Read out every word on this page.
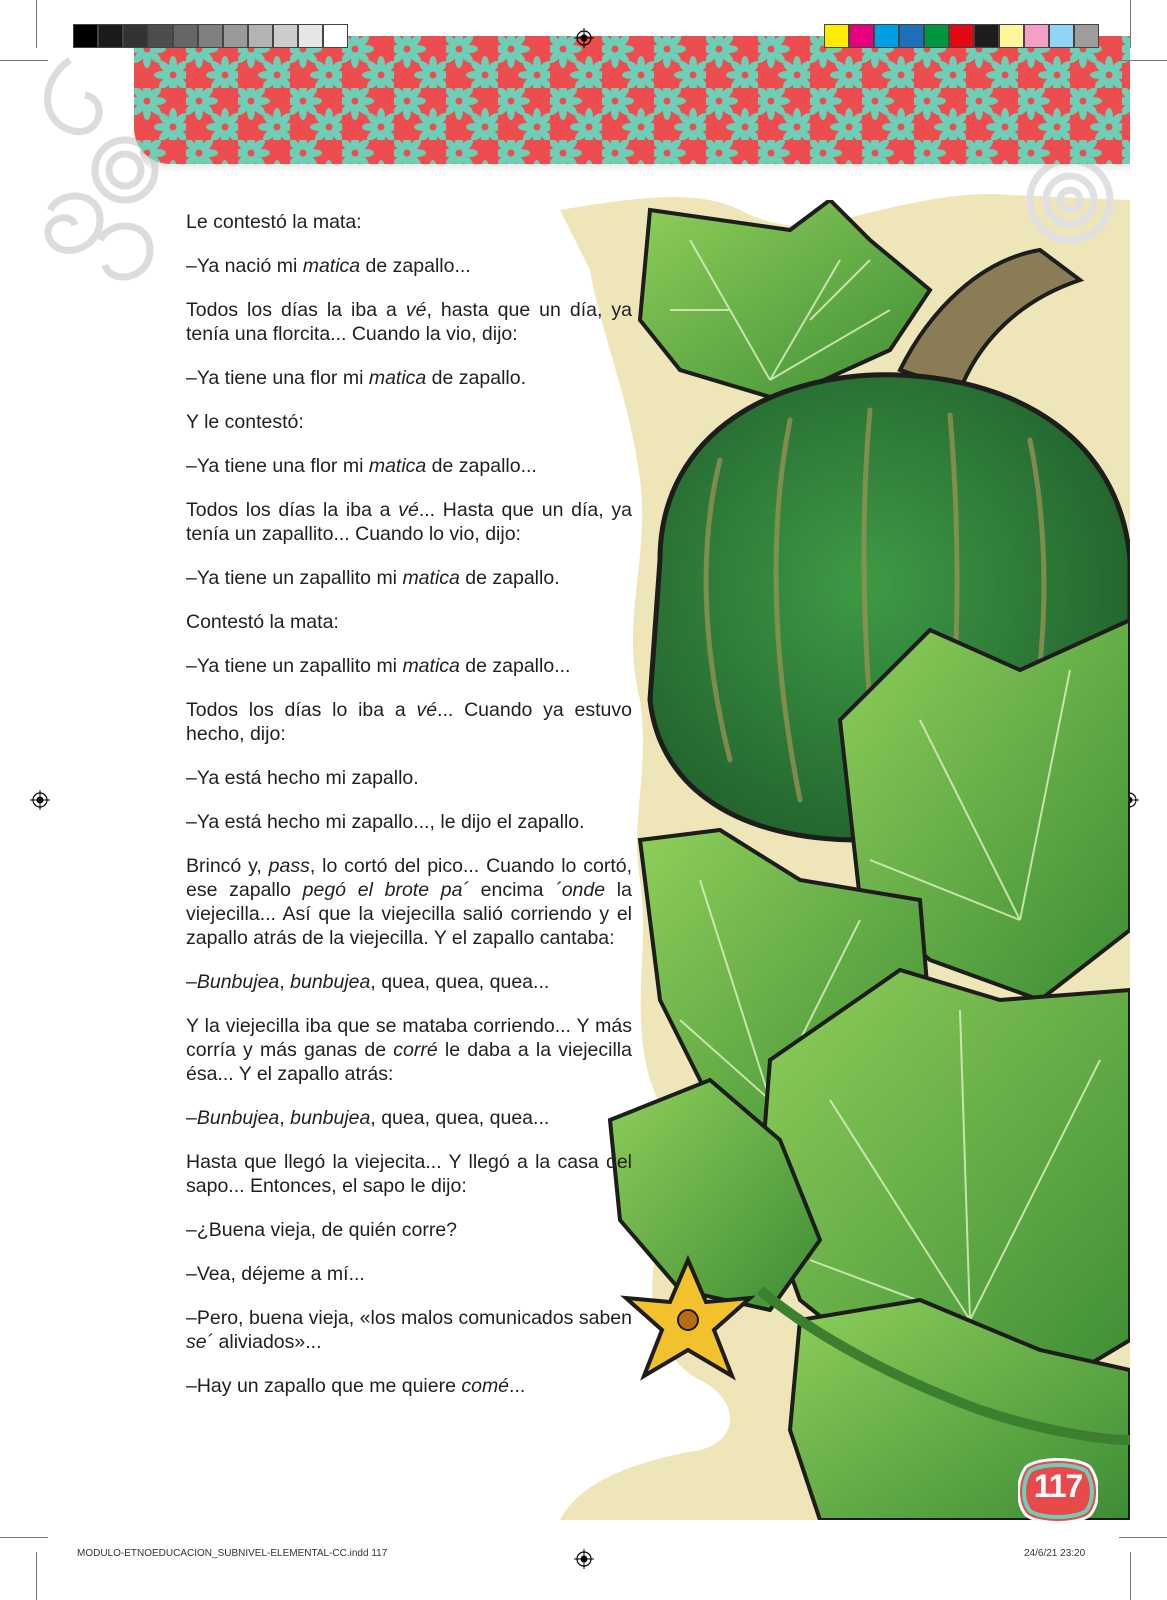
Le contestó la mata:

–Ya nació mi matica de zapallo...

Todos los días la iba a vé, hasta que un día, ya tenía una florcita... Cuando la vio, dijo:

–Ya tiene una flor mi matica de zapallo.

Y le contestó:

–Ya tiene una flor mi matica de zapallo...

Todos los días la iba a vé... Hasta que un día, ya tenía un zapallito... Cuando lo vio, dijo:

–Ya tiene un zapallito mi matica de zapallo.

Contestó la mata:

–Ya tiene un zapallito mi matica de zapallo...

Todos los días lo iba a vé... Cuando ya estuvo hecho, dijo:

–Ya está hecho mi zapallo.

–Ya está hecho mi zapallo..., le dijo el zapallo.

Brincó y, pass, lo cortó del pico... Cuando lo cortó, ese zapallo pegó el brote pa´ encima ´onde la viejecilla... Así que la viejecilla salió corriendo y el zapallo atrás de la viejecilla. Y el zapallo cantaba:

–Bunbujea, bunbujea, quea, quea, quea...

Y la viejecilla iba que se mataba corriendo... Y más corría y más ganas de corré le daba a la viejecilla ésa... Y el zapallo atrás:

–Bunbujea, bunbujea, quea, quea, quea...

Hasta que llegó la viejecita... Y llegó a la casa del sapo... Entonces, el sapo le dijo:

–¿Buena vieja, de quién corre?

–Vea, déjeme a mí...

–Pero, buena vieja, «los malos comunicados saben se´ aliviados»...

–Hay un zapallo que me quiere comé...

117
MODULO-ETNOEDUCACION_SUBNIVEL-ELEMENTAL-CC.indd 117	24/6/21 23:20
